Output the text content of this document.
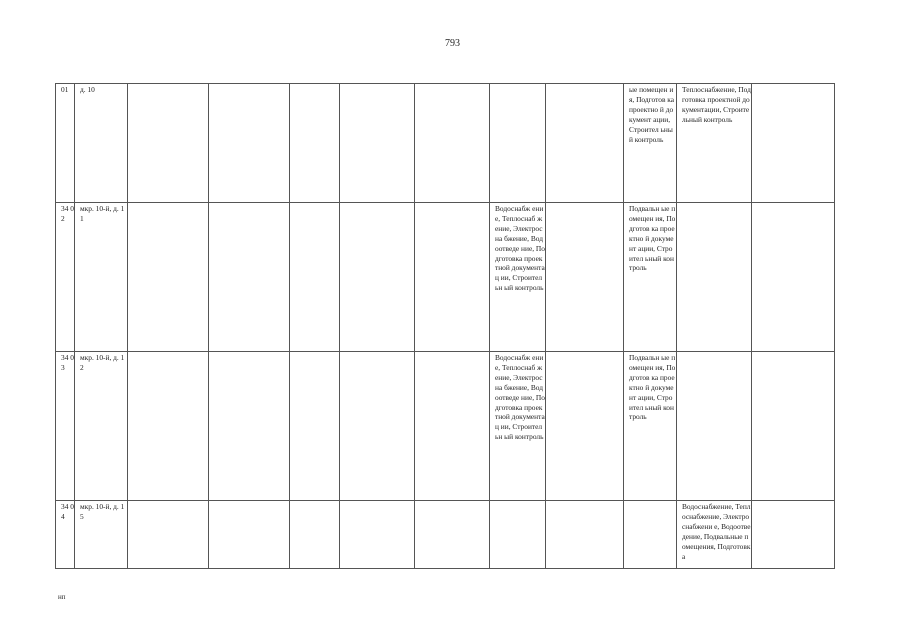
793
01	д. 10								ые помещен ия, Подготов ка проектно й документ ации, Строител ьный контроль	Теплоснабжение, Подготовка проектной документации, Строительный контроль	
34 02	мкр. 10-й, д. 11						Водоснабж ение, Теплоснаб жение, Электросна бжение, Водоотведе ние, Подготовка проектной документац ии, Строительн ый контроль		Подвальн ые помещен ия, Подготов ка проектно й документ ации, Строител ьный контроль		
34 03	мкр. 10-й, д. 12						Водоснабж ение, Теплоснаб жение, Электросна бжение, Водоотведе ние, Подготовка проектной документац ии, Строительн ый контроль		Подвальн ые помещен ия, Подготов ка проектно й документ ации, Строител ьный контроль		
34 04	мкр. 10-й, д. 15									Водоснабжение, Теплоснабжение, Электроснабжени е, Водоотведение, Подвальные помещения, Подготовка	
нп
